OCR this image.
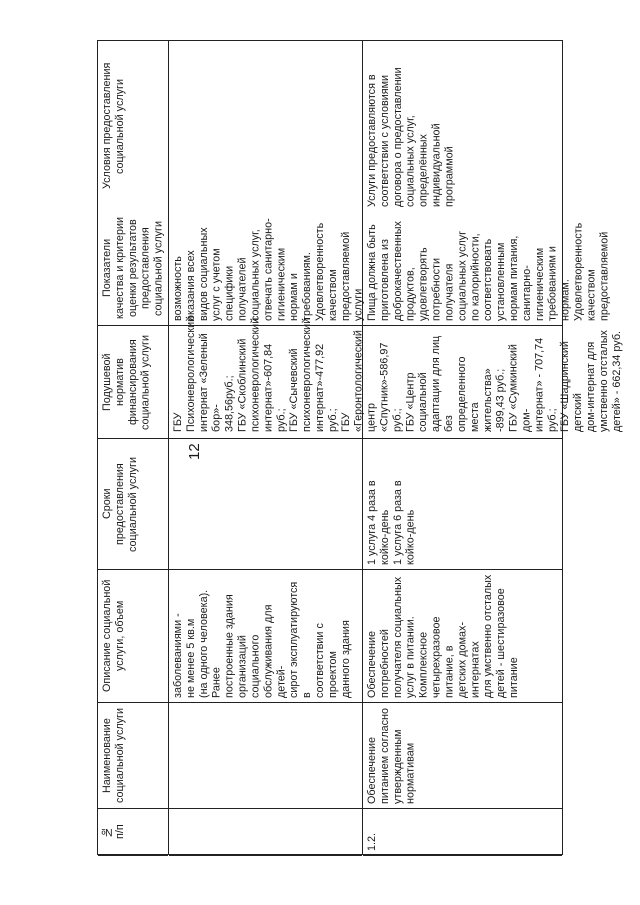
12
№
п/п
Наименование
социальной услуги
Описание социальной
услуги, объем
Сроки
предоставления
социальной услуги
Подушевой норматив
финансирования
социальной услуги
Показатели
качества и критерии
оценки результатов
предоставления
социальной услуги
Условия предоставления
социальной услуги
заболеваниями -
не менее 5 кв.м
(на одного человека). Ранее
построенные здания
организаций социального
обслуживания для детей-
сирот эксплуатируются в
соответствии с проектом
данного здания
ГБУ
Психоневрологический
интернат «Зеленый бор»-
348,56руб.;
ГБУ «Скоблинский
психоневрологический
интернат»-607,84 руб.;
ГБУ «Сычевский
психоневрологический
интернат»-477,92 руб.;
ГБУ «Геронтологический
центр «Спутник»-586,97
руб.;
ГБУ «Центр социальной
адаптации для лиц без
определенного места
жительства» -899,43 руб.;
ГБУ «Сумкинский дом-
интернат» - 707,74 руб.;
ГБУ «Шадринский детский
дом-интернат для
умственно отсталых
детей» - 662,34 руб.
возможность
оказания всех
видов социальных
услуг с учетом
специфики
получателей
социальных услуг,
отвечать санитарно-
гигиеническим
нормам и
требованиям.
Удовлетворенность
качеством
предоставляемой
услуги
1.2.
Обеспечение
питанием согласно
утвержденным
нормативам
Обеспечение потребностей
получателя социальных
услуг в питании.
Комплексное
четырехразовое питание, в
детских домах-интернатах
для умственно отсталых
детей - шестиразовое
питание
1 услуга 4 раза в
койко-день
1 услуга 6 раза в
койко-день
Пища должна быть
приготовлена из
доброкачественных
продуктов,
удовлетворять
потребности
получателя
социальных услуг
по калорийности,
соответствовать
установленным
нормам питания,
санитарно-
гигиеническим
требованиям и
нормам.
Удовлетворенность
качеством
предоставляемой
Услуги предоставляются в
соответствии с условиями
договора о предоставлении
социальных услуг,
определённых
индивидуальной
программой
